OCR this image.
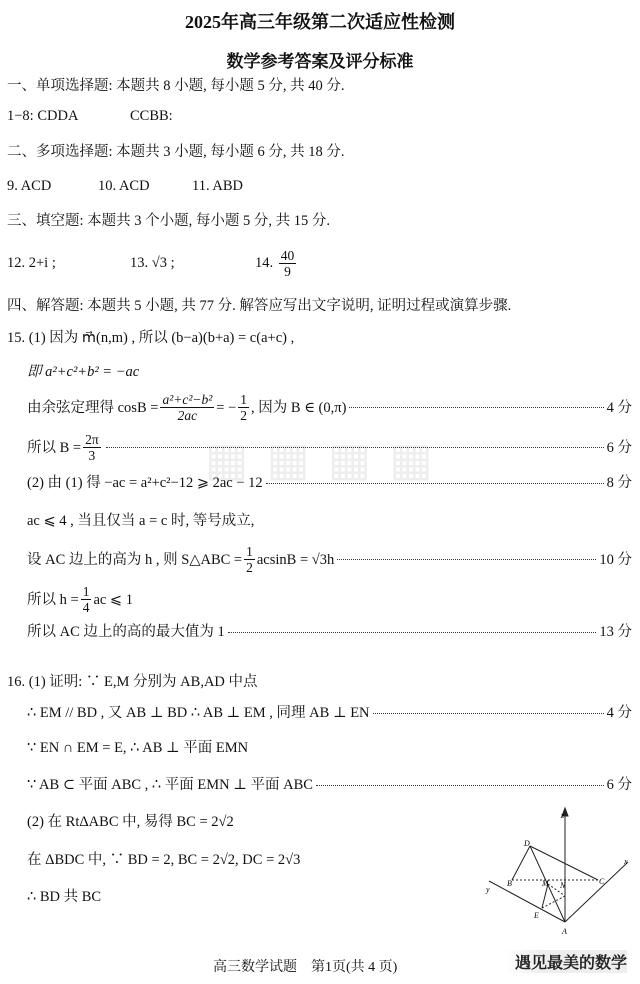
▦▦▦▦
2025年高三年级第二次适应性检测
数学参考答案及评分标准
一、单项选择题: 本题共 8 小题, 每小题 5 分, 共 40 分.
1−8: CDDA	CCBB:
二、多项选择题: 本题共 3 小题, 每小题 6 分, 共 18 分.
9. ACD	10. ACD	11. ABD
三、填空题: 本题共 3 个小题, 每小题 5 分, 共 15 分.
12. 2+i ;	13. √3 ;	14. $\frac{40}{9}$
四、解答题: 本题共 5 小题, 共 77 分. 解答应写出文字说明, 证明过程或演算步骤.
15. (1) 因为 m⃗(n,m) , 所以 (b−a)(b+a) = c(a+c) ,
即 a²+c²+b² = −ac
由余弦定理得 $\cos B = \frac{\text{a²+c²−b²}}{2ac}$ = − $\frac{1}{2}$ , 因为 B ∈ (0,π)	4 分
所以 $B = \frac{2\pi}{3}$	6 分
(2) 由 (1) 得 −ac = a²+c²−12 ⩾ 2ac − 12	8 分
ac ⩽ 4 , 当且仅当 a = c 时, 等号成立,
设 AC 边上的高为 h , 则 S△ABC = $\frac{1}{2}$ acsinB = √3h	10 分
所以 $h = \frac{1}{4}$ ac ⩽ 1
所以 AC 边上的高的最大值为 1	13 分
16. (1) 证明: ∵ E,M 分别为 AB,AD 中点
∴ EM // BD , 又 AB ⊥ BD ∴ AB ⊥ EM , 同理 AB ⊥ EN	4 分
∵ EN ∩ EM = E, ∴ AB ⊥ 平面 EMN
∵ AB ⊂ 平面 ABC , ∴ 平面 EMN ⊥ 平面 ABC	6 分
(2) 在 RtΔABC 中, 易得 BC = 2√2
在 ΔBDC 中, ∵ BD = 2, BC = 2√2, DC = 2√3
∴ BD 共 BC
z
D
y
B	M N	C
x
E
A
高三数学试题　第1页(共 4 页)	遇见最美的数学
